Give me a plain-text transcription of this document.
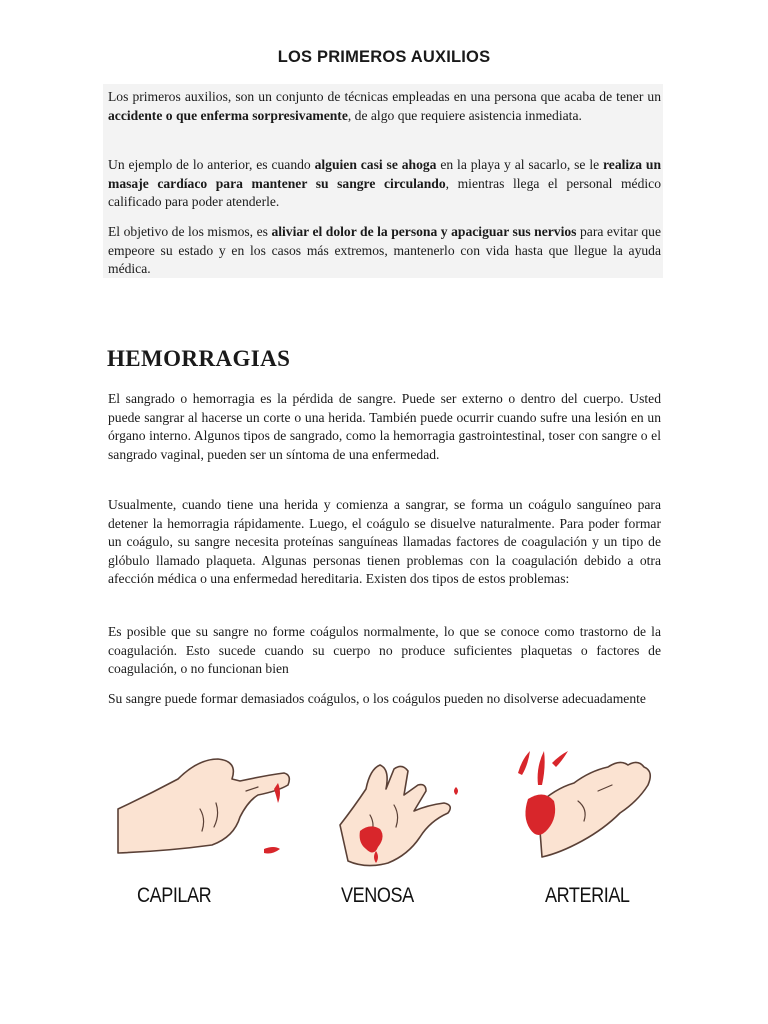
LOS PRIMEROS AUXILIOS

Los primeros auxilios, son un conjunto de técnicas empleadas en una persona que acaba de tener un accidente o que enferma sorpresivamente, de algo que requiere asistencia inmediata.

Un ejemplo de lo anterior, es cuando alguien casi se ahoga en la playa y al sacarlo, se le realiza un masaje cardíaco para mantener su sangre circulando, mientras llega el personal médico calificado para poder atenderle.

El objetivo de los mismos, es aliviar el dolor de la persona y apaciguar sus nervios para evitar que empeore su estado y en los casos más extremos, mantenerlo con vida hasta que llegue la ayuda médica.

HEMORRAGIAS

El sangrado o hemorragia es la pérdida de sangre. Puede ser externo o dentro del cuerpo. Usted puede sangrar al hacerse un corte o una herida. También puede ocurrir cuando sufre una lesión en un órgano interno. Algunos tipos de sangrado, como la hemorragia gastrointestinal, toser con sangre o el sangrado vaginal, pueden ser un síntoma de una enfermedad.

Usualmente, cuando tiene una herida y comienza a sangrar, se forma un coágulo sanguíneo para detener la hemorragia rápidamente. Luego, el coágulo se disuelve naturalmente. Para poder formar un coágulo, su sangre necesita proteínas sanguíneas llamadas factores de coagulación y un tipo de glóbulo llamado plaqueta. Algunas personas tienen problemas con la coagulación debido a otra afección médica o una enfermedad hereditaria. Existen dos tipos de estos problemas:

Es posible que su sangre no forme coágulos normalmente, lo que se conoce como trastorno de la coagulación. Esto sucede cuando su cuerpo no produce suficientes plaquetas o factores de coagulación, o no funcionan bien

Su sangre puede formar demasiados coágulos, o los coágulos pueden no disolverse adecuadamente

CAPILAR	VENOSA	ARTERIAL
